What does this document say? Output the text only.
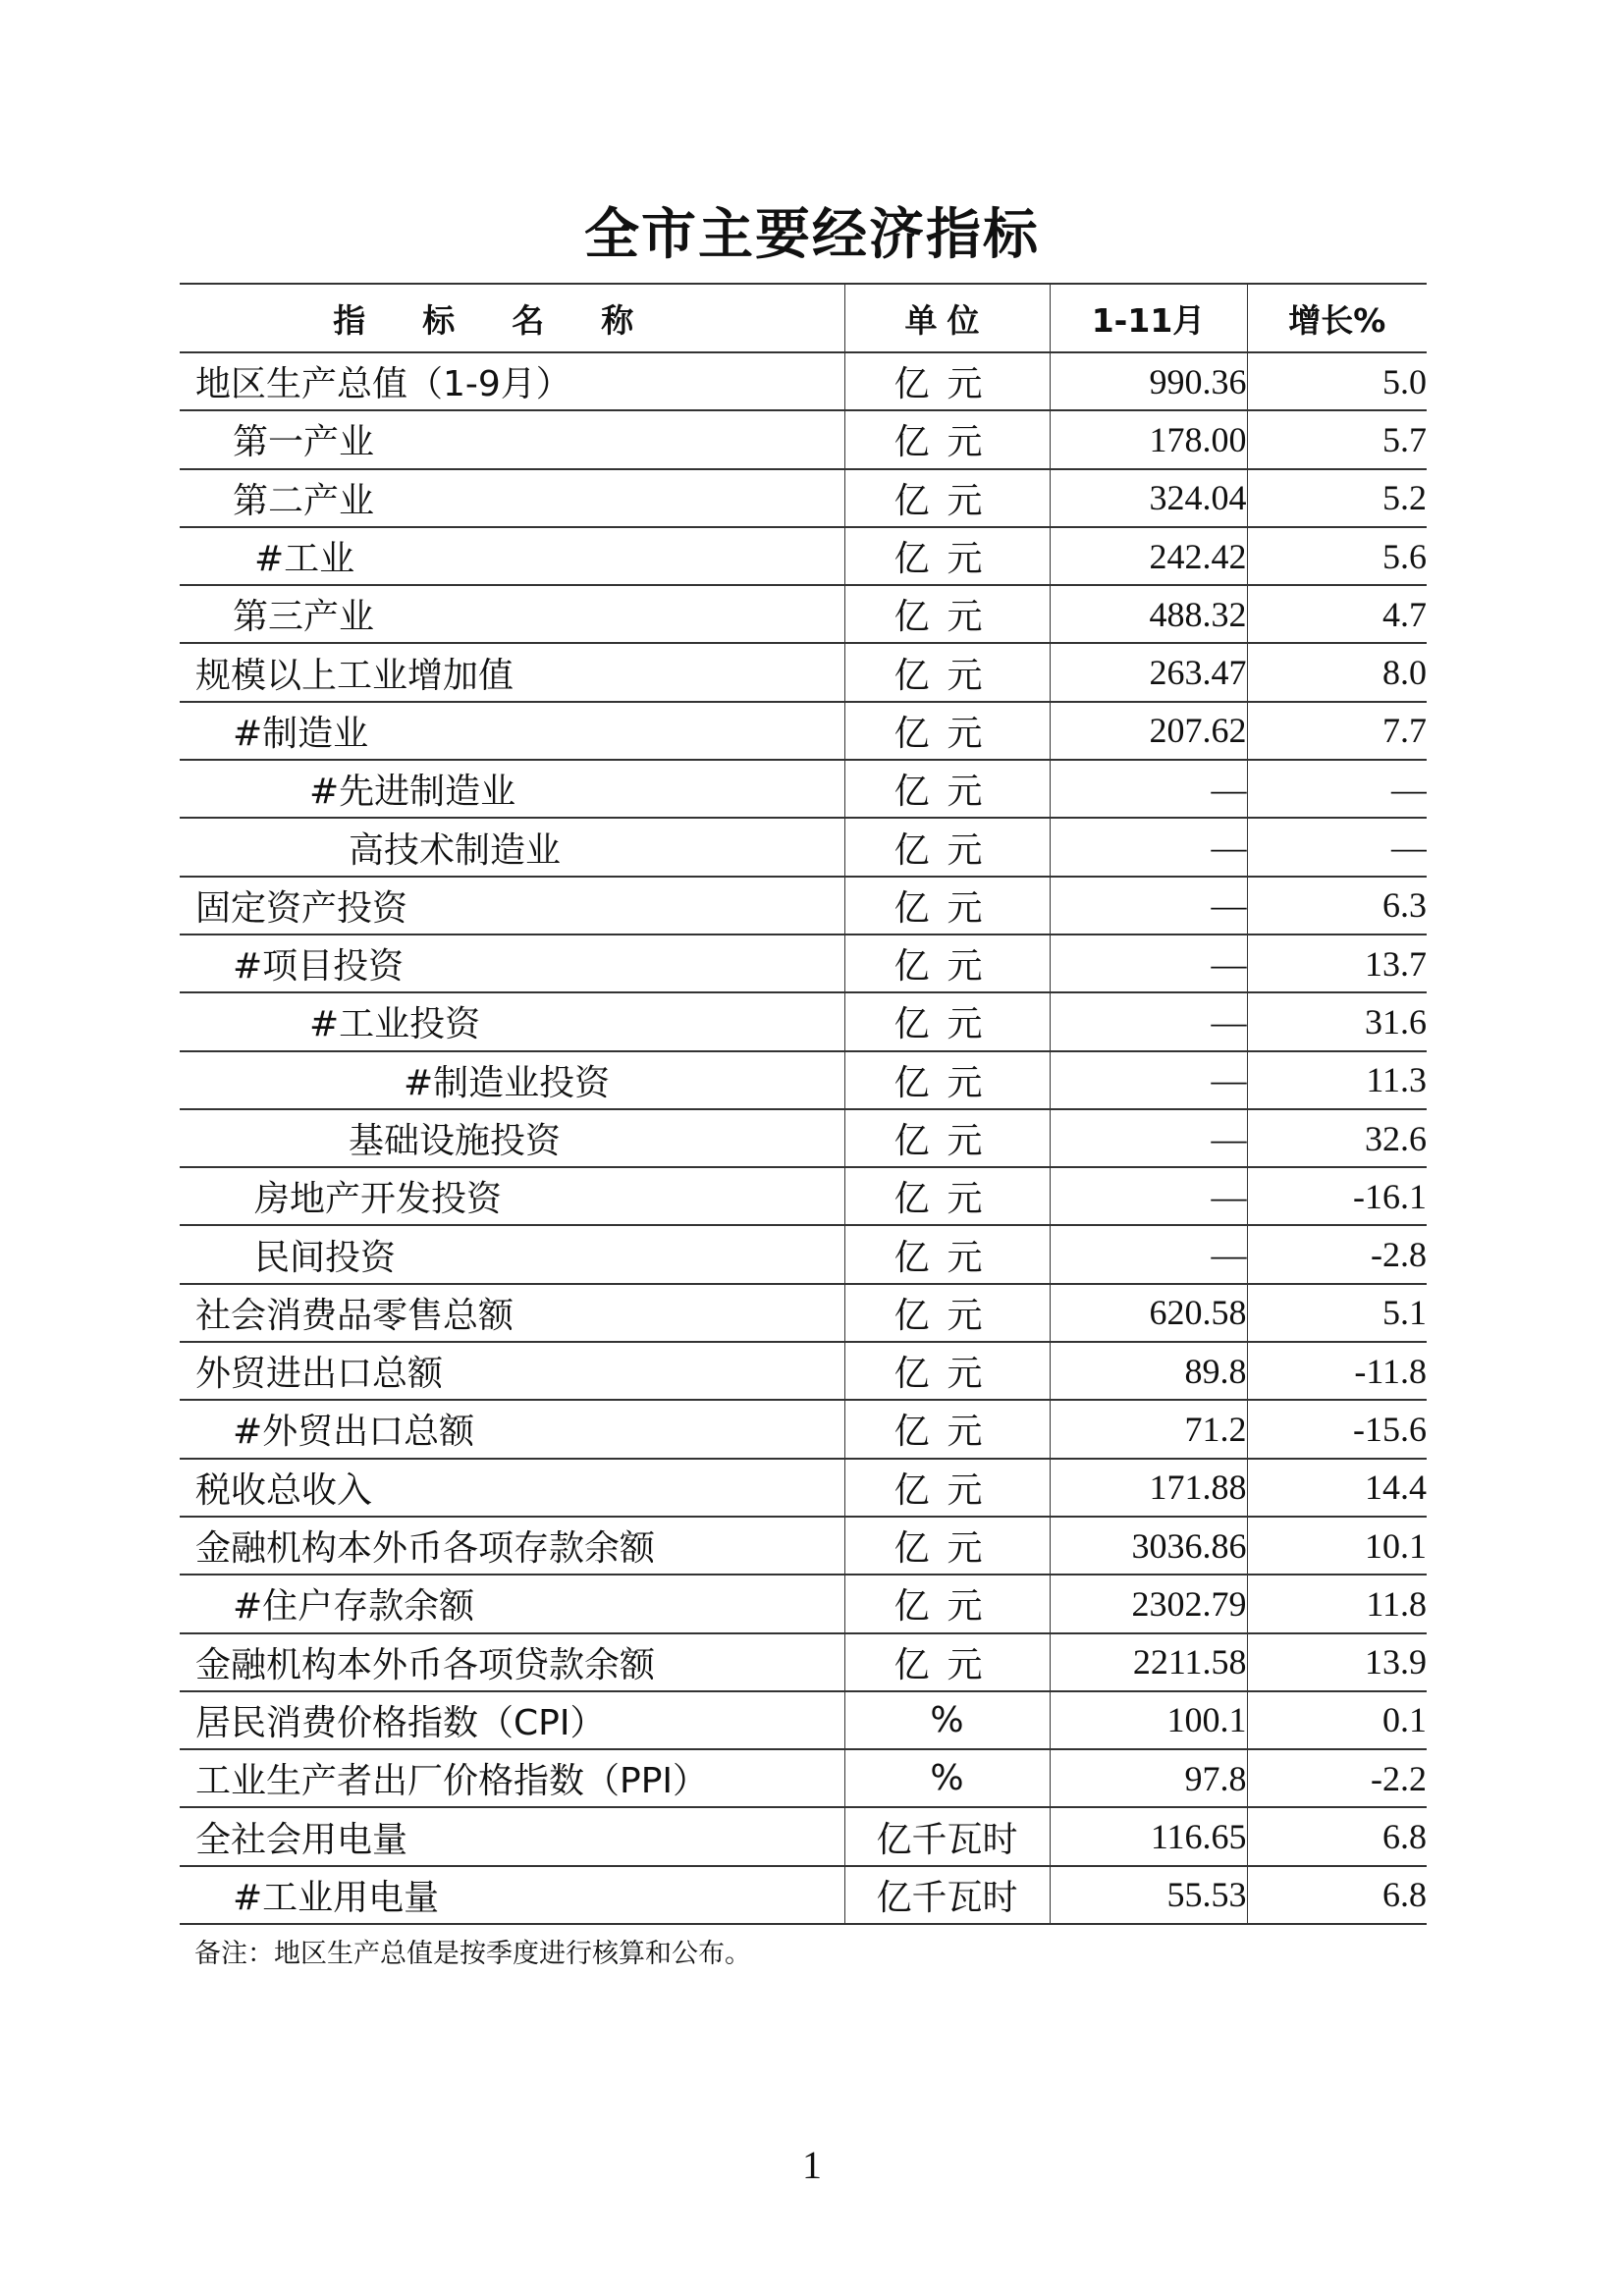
全市主要经济指标
指标名称	单位	1-11月	增长%
地区生产总值（1-9月）	亿元	990.36	5.0
第一产业	亿元	178.00	5.7
第二产业	亿元	324.04	5.2
#工业	亿元	242.42	5.6
第三产业	亿元	488.32	4.7
规模以上工业增加值	亿元	263.47	8.0
#制造业	亿元	207.62	7.7
#先进制造业	亿元	—	—
高技术制造业	亿元	—	—
固定资产投资	亿元	—	6.3
#项目投资	亿元	—	13.7
#工业投资	亿元	—	31.6
#制造业投资	亿元	—	11.3
基础设施投资	亿元	—	32.6
房地产开发投资	亿元	—	-16.1
民间投资	亿元	—	-2.8
社会消费品零售总额	亿元	620.58	5.1
外贸进出口总额	亿元	89.8	-11.8
#外贸出口总额	亿元	71.2	-15.6
税收总收入	亿元	171.88	14.4
金融机构本外币各项存款余额	亿元	3036.86	10.1
#住户存款余额	亿元	2302.79	11.8
金融机构本外币各项贷款余额	亿元	2211.58	13.9
居民消费价格指数（CPI）	%	100.1	0.1
工业生产者出厂价格指数（PPI）	%	97.8	-2.2
全社会用电量	亿千瓦时	116.65	6.8
#工业用电量	亿千瓦时	55.53	6.8
备注：地区生产总值是按季度进行核算和公布。
1
